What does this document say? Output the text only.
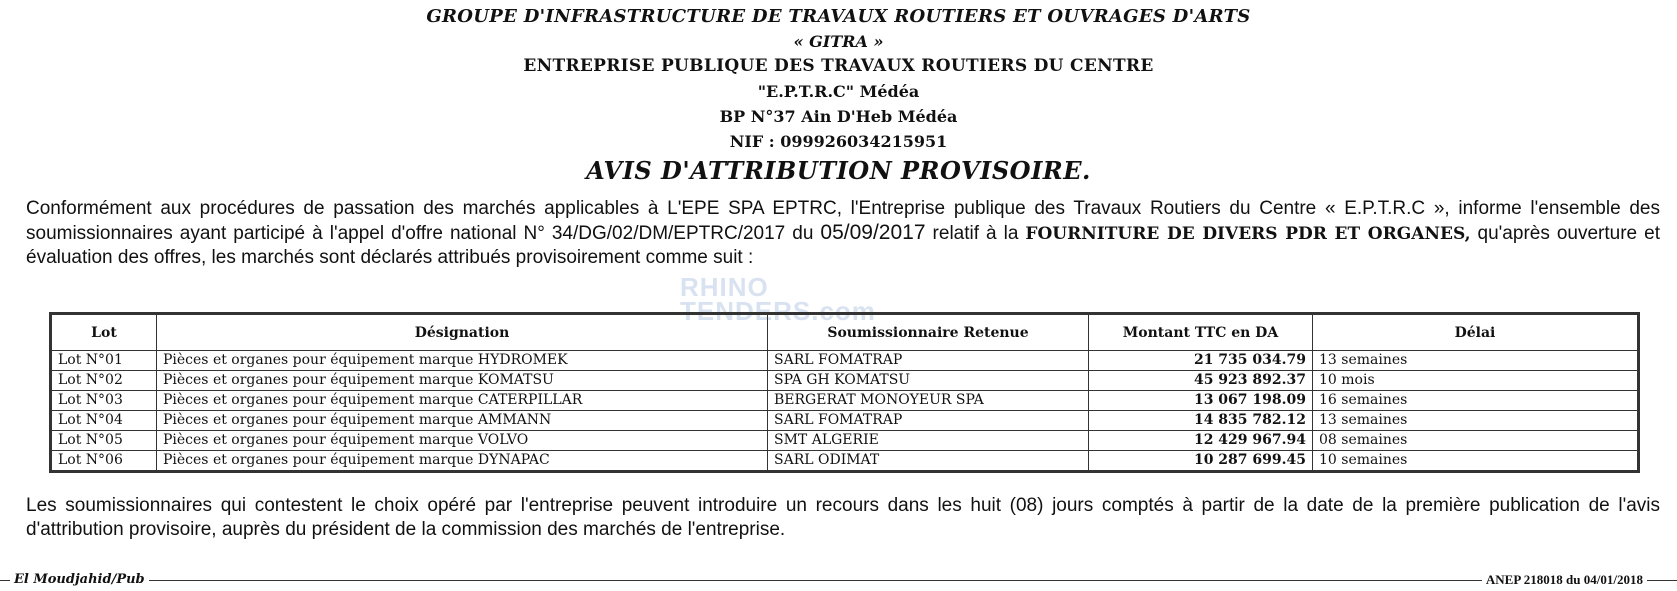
GROUPE D'INFRASTRUCTURE DE TRAVAUX ROUTIERS ET OUVRAGES D'ARTS
« GITRA »
ENTREPRISE PUBLIQUE DES TRAVAUX ROUTIERS DU CENTRE
"E.P.T.R.C" Médéa
BP N°37 Ain D'Heb Médéa
NIF : 099926034215951
AVIS D'ATTRIBUTION PROVISOIRE.
Conformément aux procédures de passation des marchés applicables à L'EPE SPA EPTRC, l'Entreprise publique des Travaux Routiers du Centre « E.P.T.R.C », informe l'ensemble des soumissionnaires ayant participé à l'appel d'offre national N° 34/DG/02/DM/EPTRC/2017 du 05/09/2017 relatif à la FOURNITURE DE DIVERS PDR ET ORGANES, qu'après ouverture et évaluation des offres, les marchés sont déclarés attribués provisoirement comme suit :
RHINO
TENDERS.com
Lot	Désignation	Soumissionnaire Retenue	Montant TTC en DA	Délai
Lot N°01	Pièces et organes pour équipement marque HYDROMEK	SARL FOMATRAP	21 735 034.79	13 semaines
Lot N°02	Pièces et organes pour équipement marque KOMATSU	SPA GH KOMATSU	45 923 892.37	10 mois
Lot N°03	Pièces et organes pour équipement marque CATERPILLAR	BERGERAT MONOYEUR SPA	13 067 198.09	16 semaines
Lot N°04	Pièces et organes pour équipement marque AMMANN	SARL FOMATRAP	14 835 782.12	13 semaines
Lot N°05	Pièces et organes pour équipement marque VOLVO	SMT ALGERIE	12 429 967.94	08 semaines
Lot N°06	Pièces et organes pour équipement marque DYNAPAC	SARL ODIMAT	10 287 699.45	10 semaines
Les soumissionnaires qui contestent le choix opéré par l'entreprise peuvent introduire un recours dans les huit (08) jours comptés à partir de la date de la première publication de l'avis d'attribution provisoire, auprès du président de la commission des marchés de l'entreprise.
El Moudjahid/Pub	ANEP 218018 du 04/01/2018
